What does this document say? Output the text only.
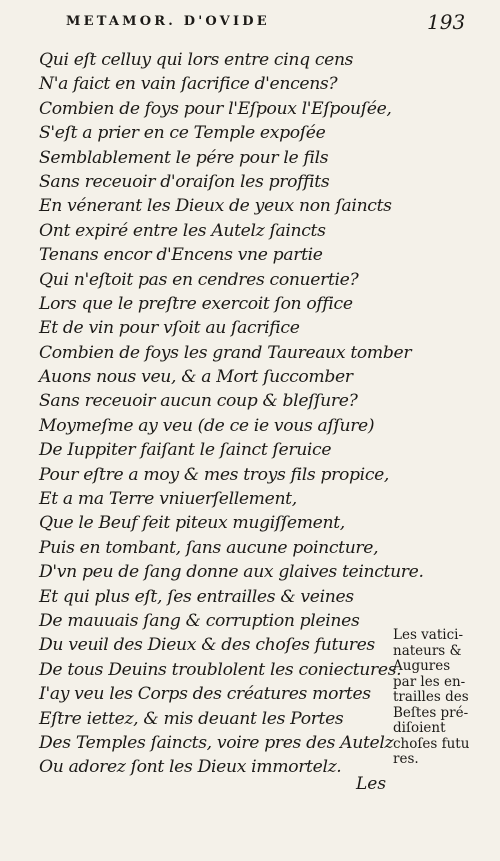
METAMOR. D'OVIDE	193
Qui eſt celluy qui lors entre cinq cens
N'a faict en vain ſacrifice d'encens?
Combien de foys pour l'Eſpoux l'Eſpouſée,
S'eſt a prier en ce Temple expoſée
Semblablement le pére pour le fils
Sans receuoir d'oraiſon les proffits
En vénerant les Dieux de yeux non ſaincts
Ont expiré entre les Autelz ſaincts
Tenans encor d'Encens vne partie
Qui n'eſtoit pas en cendres conuertie?
Lors que le preſtre exercoit ſon office
Et de vin pour vſoit au ſacrifice
Combien de foys les grand Taureaux tomber
Auons nous veu, & a Mort ſuccomber
Sans receuoir aucun coup & bleſſure?
Moymeſme ay veu (de ce ie vous aſſure)
De Iuppiter faiſant le ſainct ſeruice
Pour eſtre a moy & mes troys fils propice,
Et a ma Terre vniuerſellement,
Que le Beuf feit piteux mugiſſement,
Puis en tombant, ſans aucune poincture,
D'vn peu de ſang donne aux glaives teincture.
Et qui plus eſt, ſes entrailles & veines
De mauuais ſang & corruption pleines
Du veuil des Dieux & des choſes futures
De tous Deuins troublolent les coniectures.
I'ay veu les Corps des créatures mortes
Eſtre iettez, & mis deuant les Portes
Des Temples ſaincts, voire pres des Autelz
Ou adorez ſont les Dieux immortelz.
Les vatici-
nateurs &
Augures
par les en-
trailles des
Beſtes pré-
diſoient
choſes futu
res.
Les
